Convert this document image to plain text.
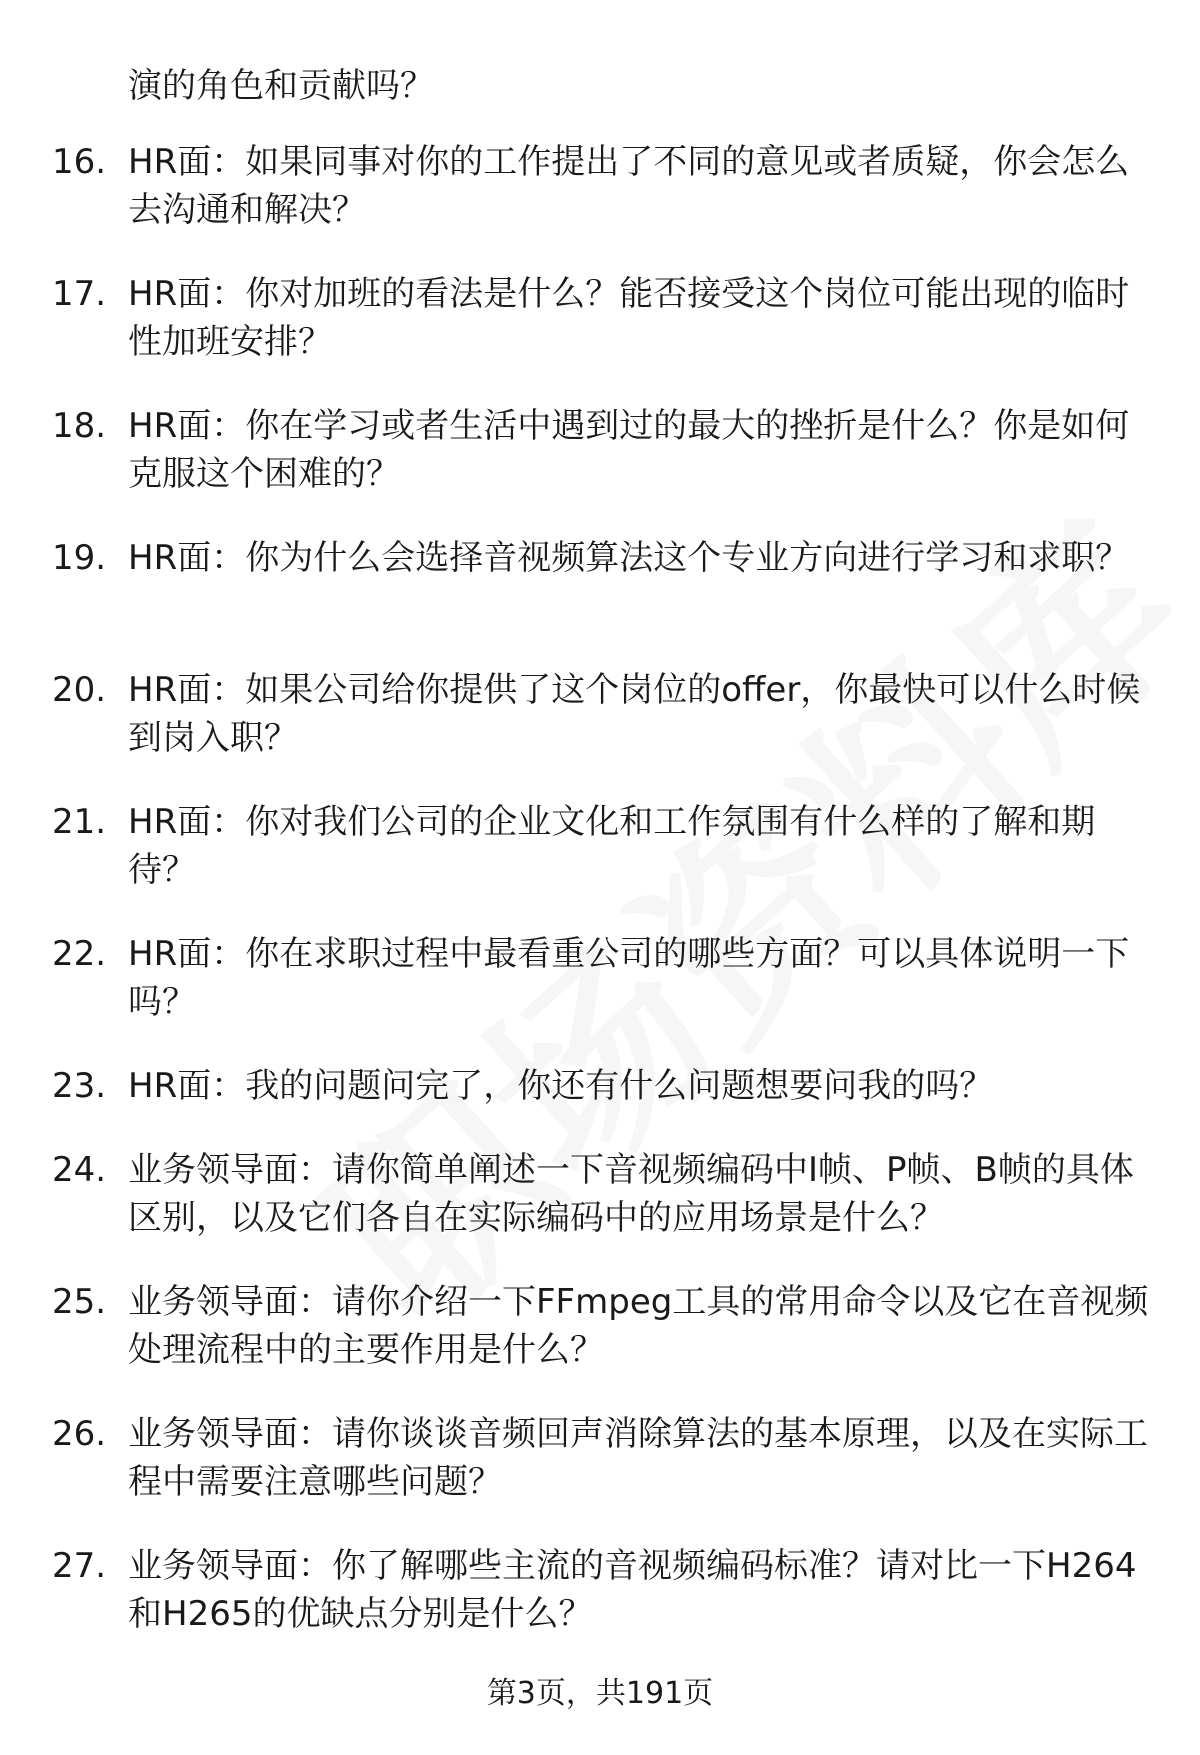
演的角色和贡献吗？

16. HR面：如果同事对你的工作提出了不同的意见或者质疑，你会怎么去沟通和解决？

17. HR面：你对加班的看法是什么？能否接受这个岗位可能出现的临时性加班安排？

18. HR面：你在学习或者生活中遇到过的最大的挫折是什么？你是如何克服这个困难的？

19. HR面：你为什么会选择音视频算法这个专业方向进行学习和求职？

20. HR面：如果公司给你提供了这个岗位的offer，你最快可以什么时候到岗入职？

21. HR面：你对我们公司的企业文化和工作氛围有什么样的了解和期待？

22. HR面：你在求职过程中最看重公司的哪些方面？可以具体说明一下吗？

23. HR面：我的问题问完了，你还有什么问题想要问我的吗？

24. 业务领导面：请你简单阐述一下音视频编码中I帧、P帧、B帧的具体区别，以及它们各自在实际编码中的应用场景是什么？

25. 业务领导面：请你介绍一下FFmpeg工具的常用命令以及它在音视频处理流程中的主要作用是什么？

26. 业务领导面：请你谈谈音频回声消除算法的基本原理，以及在实际工程中需要注意哪些问题？

27. 业务领导面：你了解哪些主流的音视频编码标准？请对比一下H264和H265的优缺点分别是什么？

第3页，共191页
